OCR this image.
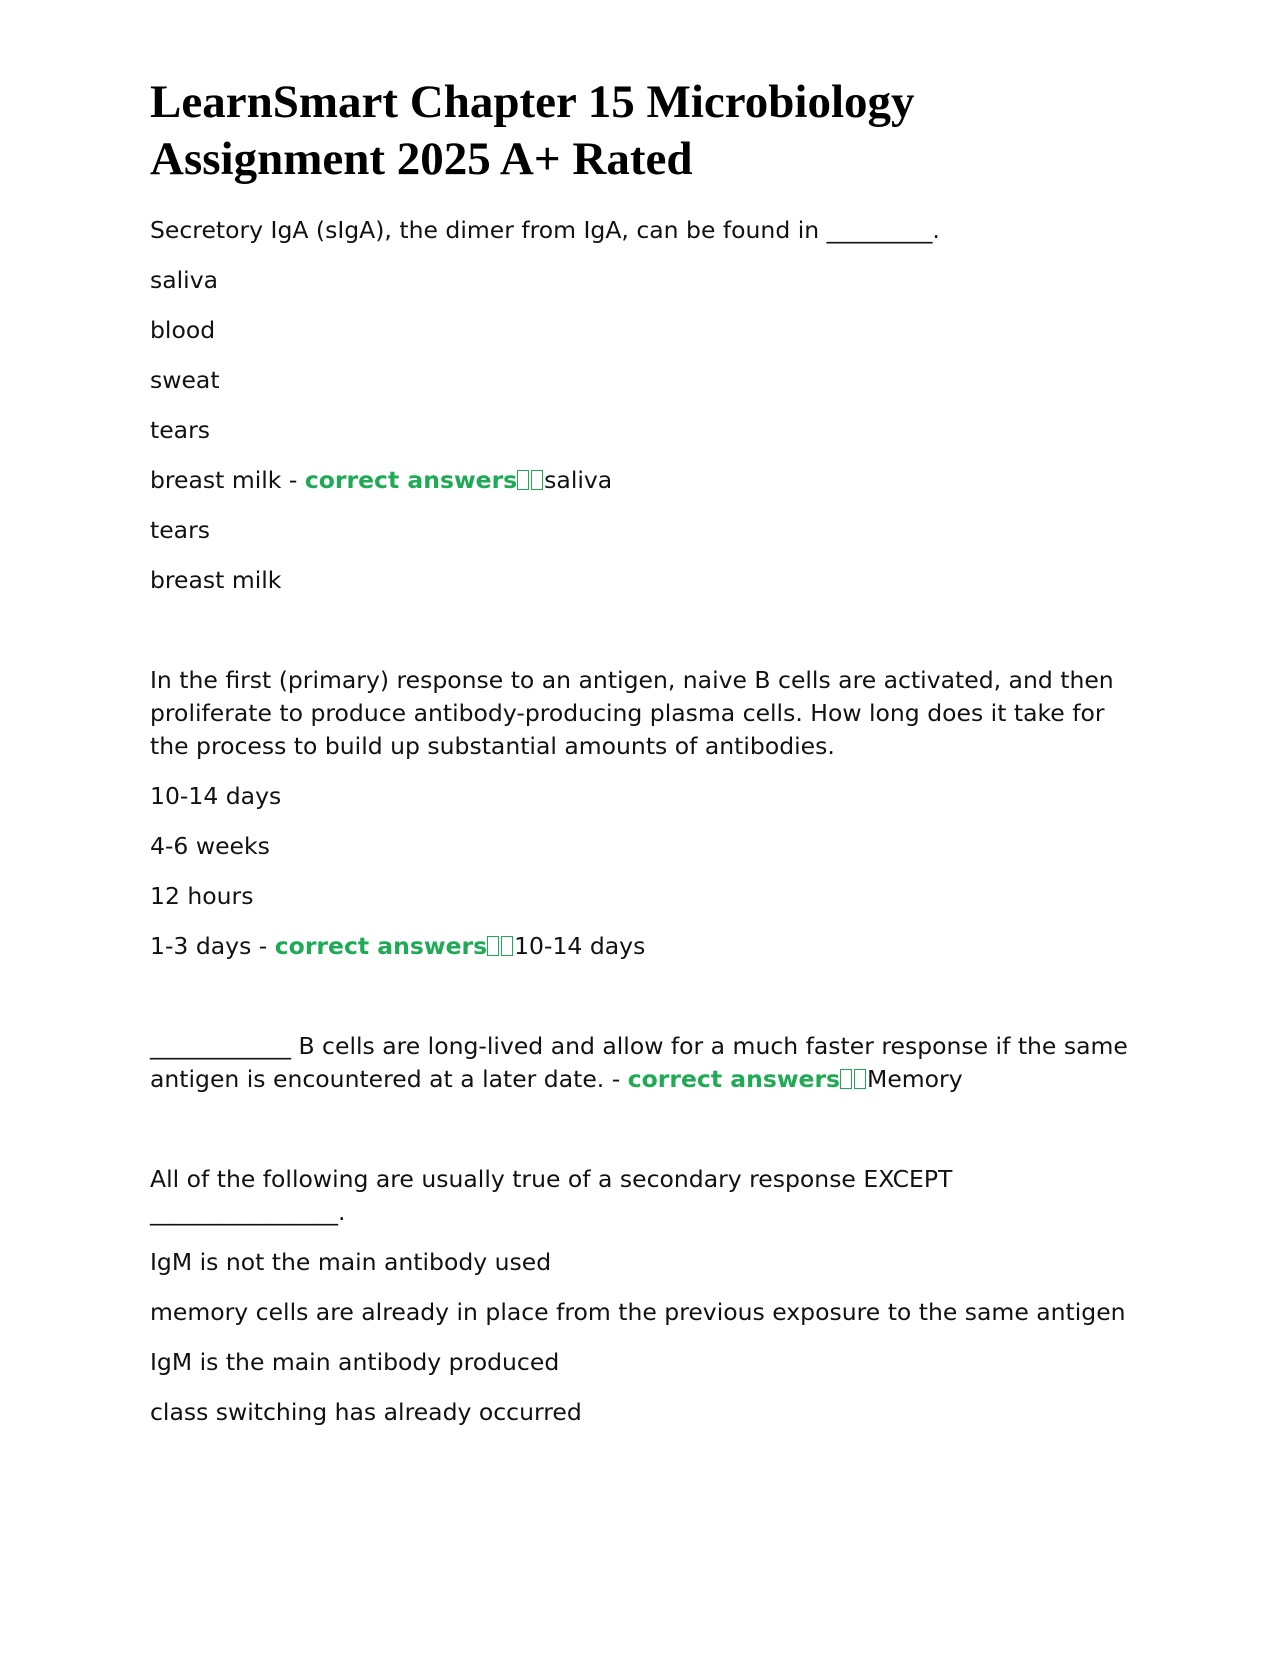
LearnSmart Chapter 15 Microbiology Assignment 2025 A+ Rated

Secretory IgA (sIgA), the dimer from IgA, can be found in _________.

saliva

blood

sweat

tears

breast milk - correct answers saliva

tears

breast milk

In the first (primary) response to an antigen, naive B cells are activated, and then proliferate to produce antibody-producing plasma cells. How long does it take for the process to build up substantial amounts of antibodies.

10-14 days

4-6 weeks

12 hours

1-3 days - correct answers 10-14 days

____________ B cells are long-lived and allow for a much faster response if the same antigen is encountered at a later date. - correct answers Memory

All of the following are usually true of a secondary response EXCEPT ________________.

IgM is not the main antibody used

memory cells are already in place from the previous exposure to the same antigen

IgM is the main antibody produced

class switching has already occurred
